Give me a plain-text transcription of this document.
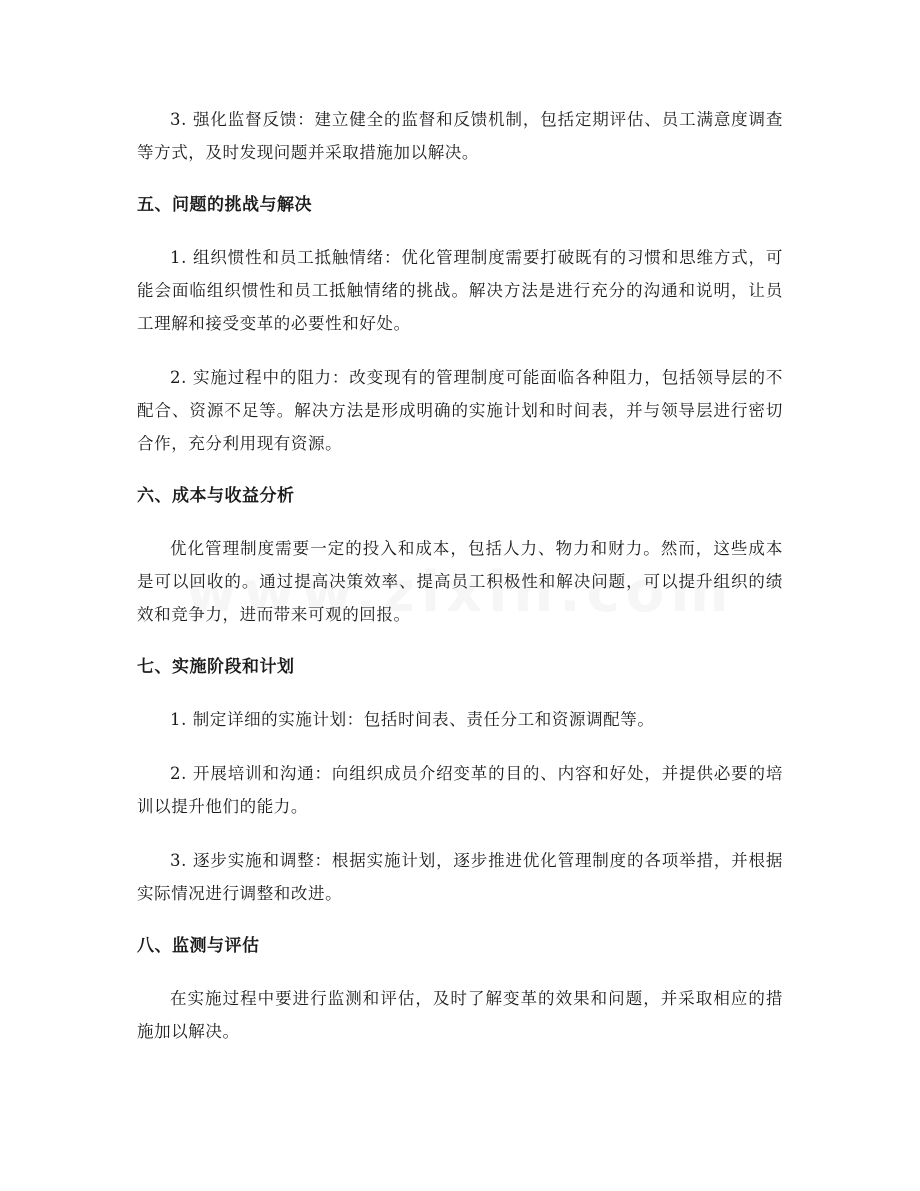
3. 强化监督反馈：建立健全的监督和反馈机制，包括定期评估、员工满意度调查等方式，及时发现问题并采取措施加以解决。

五、问题的挑战与解决

1. 组织惯性和员工抵触情绪：优化管理制度需要打破既有的习惯和思维方式，可能会面临组织惯性和员工抵触情绪的挑战。解决方法是进行充分的沟通和说明，让员工理解和接受变革的必要性和好处。

2. 实施过程中的阻力：改变现有的管理制度可能面临各种阻力，包括领导层的不配合、资源不足等。解决方法是形成明确的实施计划和时间表，并与领导层进行密切合作，充分利用现有资源。

六、成本与收益分析

优化管理制度需要一定的投入和成本，包括人力、物力和财力。然而，这些成本是可以回收的。通过提高决策效率、提高员工积极性和解决问题，可以提升组织的绩效和竞争力，进而带来可观的回报。

七、实施阶段和计划

1. 制定详细的实施计划：包括时间表、责任分工和资源调配等。

2. 开展培训和沟通：向组织成员介绍变革的目的、内容和好处，并提供必要的培训以提升他们的能力。

3. 逐步实施和调整：根据实施计划，逐步推进优化管理制度的各项举措，并根据实际情况进行调整和改进。

八、监测与评估

在实施过程中要进行监测和评估，及时了解变革的效果和问题，并采取相应的措施加以解决。
